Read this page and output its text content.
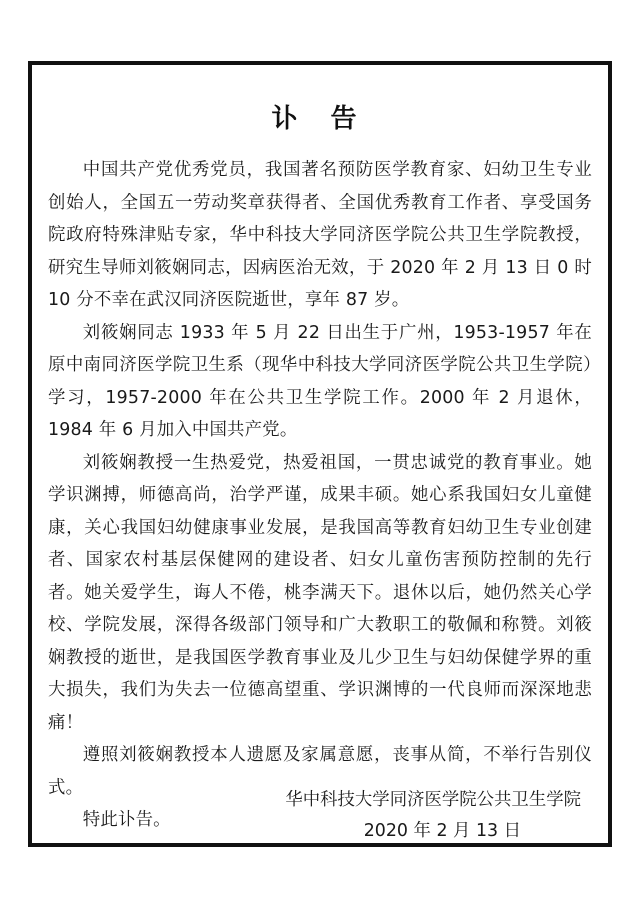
讣 告

中国共产党优秀党员，我国著名预防医学教育家、妇幼卫生专业创始人，全国五一劳动奖章获得者、全国优秀教育工作者、享受国务院政府特殊津贴专家，华中科技大学同济医学院公共卫生学院教授，研究生导师刘筱娴同志，因病医治无效，于 2020 年 2 月 13 日 0 时 10 分不幸在武汉同济医院逝世，享年 87 岁。

刘筱娴同志 1933 年 5 月 22 日出生于广州，1953-1957 年在原中南同济医学院卫生系（现华中科技大学同济医学院公共卫生学院）学习，1957-2000 年在公共卫生学院工作。2000 年 2 月退休，1984 年 6 月加入中国共产党。

刘筱娴教授一生热爱党，热爱祖国，一贯忠诚党的教育事业。她学识渊搏，师德高尚，治学严谨，成果丰硕。她心系我国妇女儿童健康，关心我国妇幼健康事业发展，是我国高等教育妇幼卫生专业创建者、国家农村基层保健网的建设者、妇女儿童伤害预防控制的先行者。她关爱学生，诲人不倦，桃李满天下。退休以后，她仍然关心学校、学院发展，深得各级部门领导和广大教职工的敬佩和称赞。刘筱娴教授的逝世，是我国医学教育事业及儿少卫生与妇幼保健学界的重大损失，我们为失去一位德高望重、学识渊博的一代良师而深深地悲痛！

遵照刘筱娴教授本人遗愿及家属意愿，丧事从简，不举行告别仪式。

特此讣告。

华中科技大学同济医学院公共卫生学院
2020 年 2 月 13 日
